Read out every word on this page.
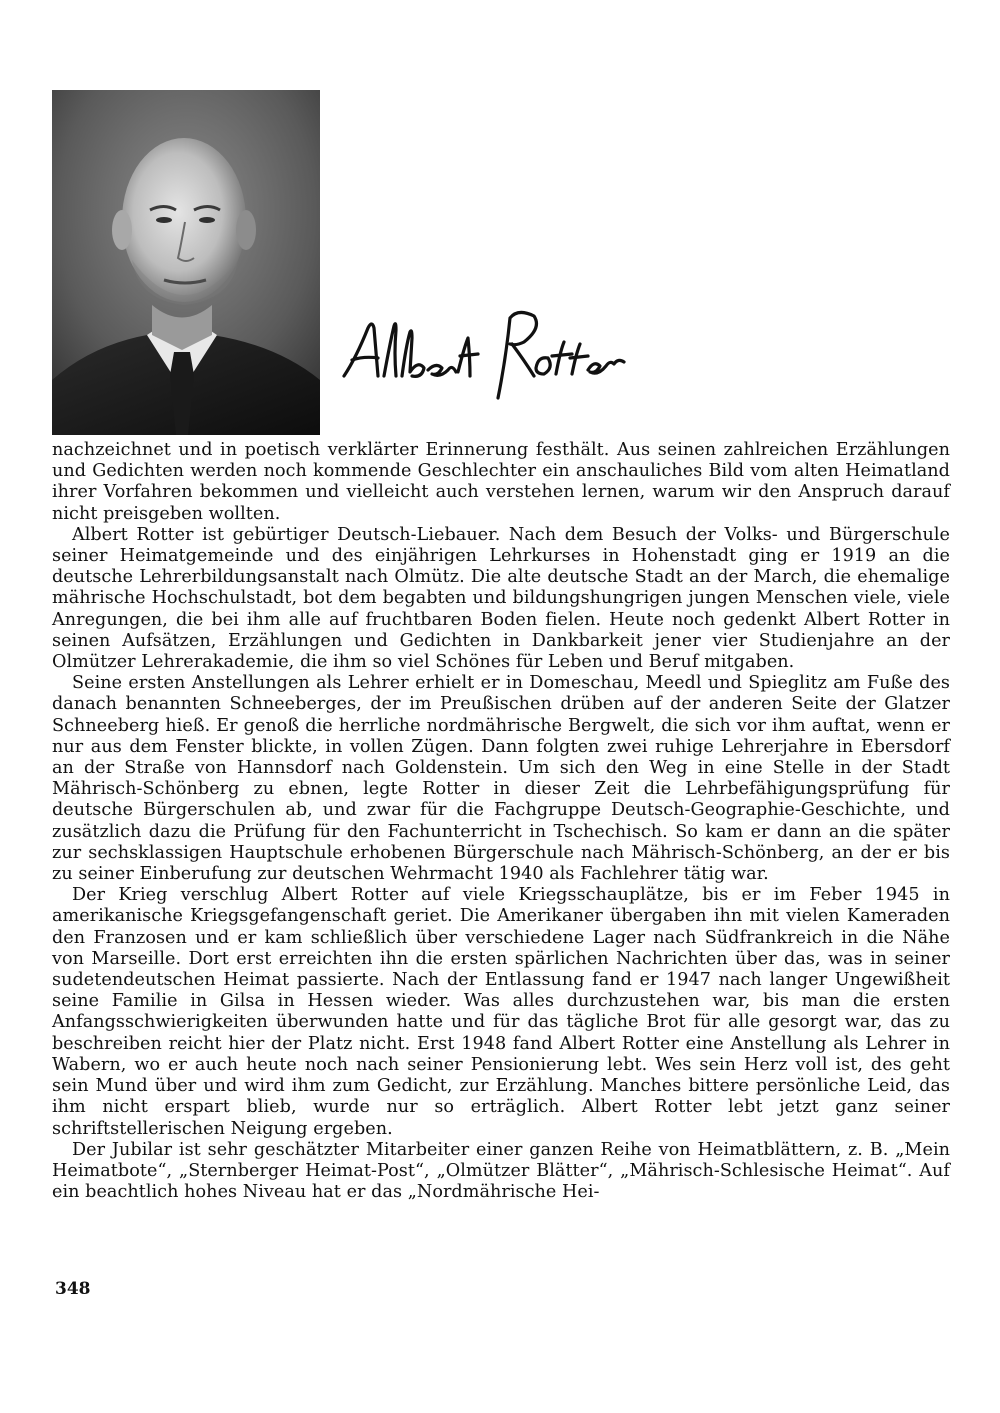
nachzeichnet und in poetisch verklärter Erinnerung festhält. Aus seinen zahlreichen Erzählungen und Gedichten werden noch kommende Geschlechter ein anschauliches Bild vom alten Heimatland ihrer Vorfahren bekommen und vielleicht auch verstehen lernen, warum wir den Anspruch darauf nicht preisgeben wollten.

Albert Rotter ist gebürtiger Deutsch-Liebauer. Nach dem Besuch der Volks- und Bürgerschule seiner Heimatgemeinde und des einjährigen Lehrkurses in Hohenstadt ging er 1919 an die deutsche Lehrerbildungsanstalt nach Olmütz. Die alte deutsche Stadt an der March, die ehemalige mährische Hochschulstadt, bot dem begabten und bildungshungrigen jungen Menschen viele, viele Anregungen, die bei ihm alle auf fruchtbaren Boden fielen. Heute noch gedenkt Albert Rotter in seinen Aufsätzen, Erzählungen und Gedichten in Dankbarkeit jener vier Studienjahre an der Olmützer Lehrerakademie, die ihm so viel Schönes für Leben und Beruf mitgaben.

Seine ersten Anstellungen als Lehrer erhielt er in Domeschau, Meedl und Spieglitz am Fuße des danach benannten Schneeberges, der im Preußischen drüben auf der anderen Seite der Glatzer Schneeberg hieß. Er genoß die herrliche nordmährische Bergwelt, die sich vor ihm auftat, wenn er nur aus dem Fenster blickte, in vollen Zügen. Dann folgten zwei ruhige Lehrerjahre in Ebersdorf an der Straße von Hannsdorf nach Goldenstein. Um sich den Weg in eine Stelle in der Stadt Mährisch-Schönberg zu ebnen, legte Rotter in dieser Zeit die Lehrbefähigungsprüfung für deutsche Bürgerschulen ab, und zwar für die Fachgruppe Deutsch-Geographie-Geschichte, und zusätzlich dazu die Prüfung für den Fachunterricht in Tschechisch. So kam er dann an die später zur sechsklassigen Hauptschule erhobenen Bürgerschule nach Mährisch-Schönberg, an der er bis zu seiner Einberufung zur deutschen Wehrmacht 1940 als Fachlehrer tätig war.

Der Krieg verschlug Albert Rotter auf viele Kriegsschauplätze, bis er im Feber 1945 in amerikanische Kriegsgefangenschaft geriet. Die Amerikaner übergaben ihn mit vielen Kameraden den Franzosen und er kam schließlich über verschiedene Lager nach Südfrankreich in die Nähe von Marseille. Dort erst erreichten ihn die ersten spärlichen Nachrichten über das, was in seiner sudetendeutschen Heimat passierte. Nach der Entlassung fand er 1947 nach langer Ungewißheit seine Familie in Gilsa in Hessen wieder. Was alles durchzustehen war, bis man die ersten Anfangsschwierigkeiten überwunden hatte und für das tägliche Brot für alle gesorgt war, das zu beschreiben reicht hier der Platz nicht. Erst 1948 fand Albert Rotter eine Anstellung als Lehrer in Wabern, wo er auch heute noch nach seiner Pensionierung lebt. Wes sein Herz voll ist, des geht sein Mund über und wird ihm zum Gedicht, zur Erzählung. Manches bittere persönliche Leid, das ihm nicht erspart blieb, wurde nur so erträglich. Albert Rotter lebt jetzt ganz seiner schriftstellerischen Neigung ergeben.

Der Jubilar ist sehr geschätzter Mitarbeiter einer ganzen Reihe von Heimatblättern, z. B. „Mein Heimatbote“, „Sternberger Heimat-Post“, „Olmützer Blätter“, „Mährisch-Schlesische Heimat“. Auf ein beachtlich hohes Niveau hat er das „Nordmährische Hei-

348
